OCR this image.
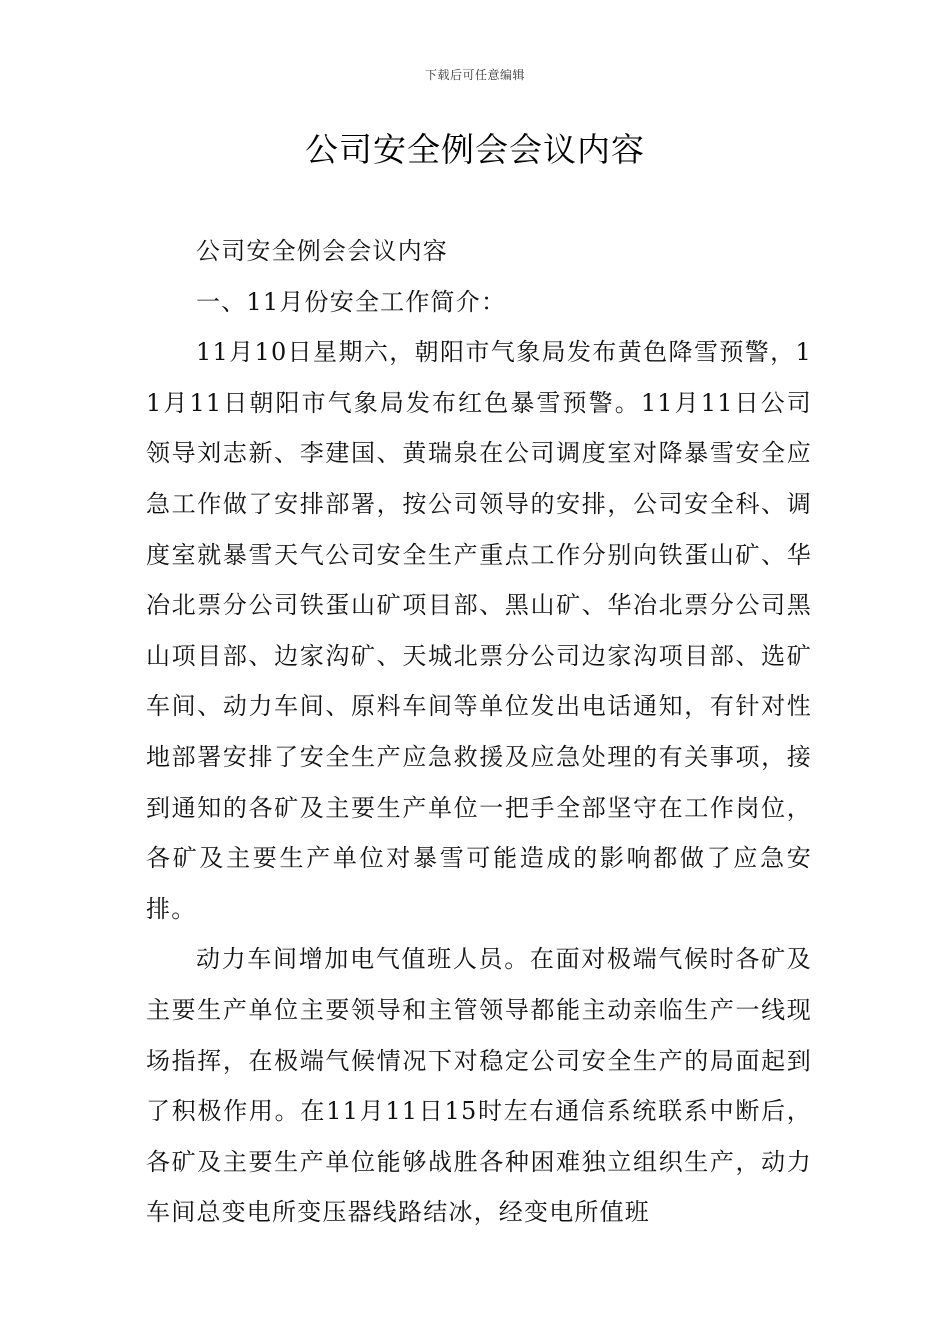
下载后可任意编辑
公司安全例会会议内容

公司安全例会会议内容

一、11月份安全工作简介：

11月10日星期六，朝阳市气象局发布黄色降雪预警，11月11日朝阳市气象局发布红色暴雪预警。11月11日公司领导刘志新、李建国、黄瑞泉在公司调度室对降暴雪安全应急工作做了安排部署，按公司领导的安排，公司安全科、调度室就暴雪天气公司安全生产重点工作分别向铁蛋山矿、华冶北票分公司铁蛋山矿项目部、黑山矿、华冶北票分公司黑山项目部、边家沟矿、天城北票分公司边家沟项目部、选矿车间、动力车间、原料车间等单位发出电话通知，有针对性地部署安排了安全生产应急救援及应急处理的有关事项，接到通知的各矿及主要生产单位一把手全部坚守在工作岗位，各矿及主要生产单位对暴雪可能造成的影响都做了应急安排。

动力车间增加电气值班人员。在面对极端气候时各矿及主要生产单位主要领导和主管领导都能主动亲临生产一线现场指挥，在极端气候情况下对稳定公司安全生产的局面起到了积极作用。在11月11日15时左右通信系统联系中断后，各矿及主要生产单位能够战胜各种困难独立组织生产，动力车间总变电所变压器线路结冰，经变电所值班
